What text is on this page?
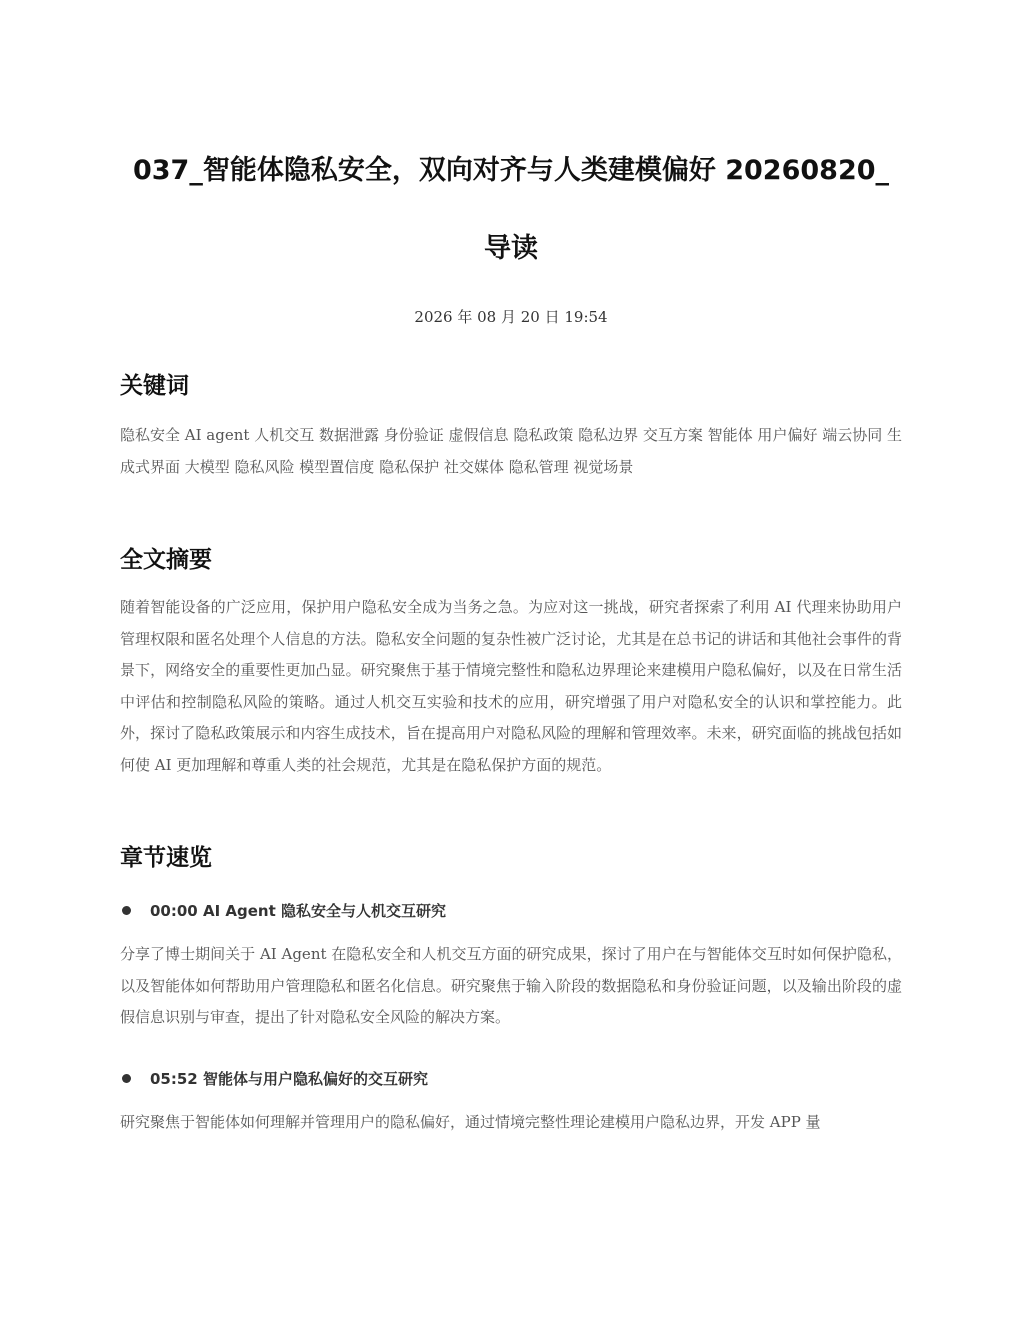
037_智能体隐私安全，双向对齐与人类建模偏好 20260820_导读
2026 年 08 月 20 日 19:54
关键词

隐私安全 AI agent 人机交互 数据泄露 身份验证 虚假信息 隐私政策 隐私边界 交互方案 智能体 用户偏好 端云协同 生成式界面 大模型 隐私风险 模型置信度 隐私保护 社交媒体 隐私管理 视觉场景

全文摘要

随着智能设备的广泛应用，保护用户隐私安全成为当务之急。为应对这一挑战，研究者探索了利用 AI 代理来协助用户管理权限和匿名处理个人信息的方法。隐私安全问题的复杂性被广泛讨论，尤其是在总书记的讲话和其他社会事件的背景下，网络安全的重要性更加凸显。研究聚焦于基于情境完整性和隐私边界理论来建模用户隐私偏好，以及在日常生活中评估和控制隐私风险的策略。通过人机交互实验和技术的应用，研究增强了用户对隐私安全的认识和掌控能力。此外，探讨了隐私政策展示和内容生成技术，旨在提高用户对隐私风险的理解和管理效率。未来，研究面临的挑战包括如何使 AI 更加理解和尊重人类的社会规范，尤其是在隐私保护方面的规范。

章节速览
00:00 AI Agent 隐私安全与人机交互研究

分享了博士期间关于 AI Agent 在隐私安全和人机交互方面的研究成果，探讨了用户在与智能体交互时如何保护隐私，以及智能体如何帮助用户管理隐私和匿名化信息。研究聚焦于输入阶段的数据隐私和身份验证问题，以及输出阶段的虚假信息识别与审查，提出了针对隐私安全风险的解决方案。

05:52 智能体与用户隐私偏好的交互研究

研究聚焦于智能体如何理解并管理用户的隐私偏好，通过情境完整性理论建模用户隐私边界，开发 APP 量
